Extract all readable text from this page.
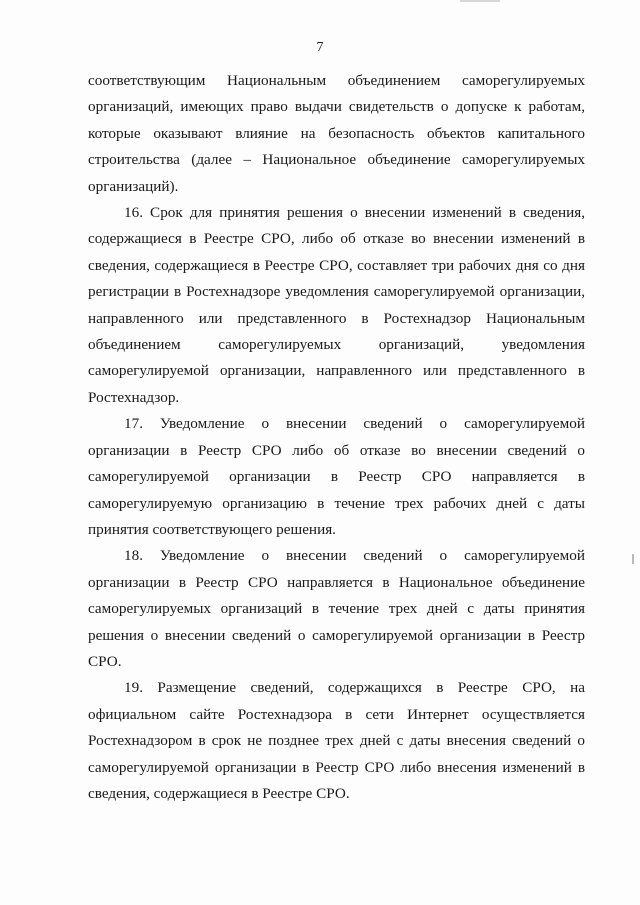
7

соответствующим Национальным объединением саморегулируемых организаций, имеющих право выдачи свидетельств о допуске к работам, которые оказывают влияние на безопасность объектов капитального строительства (далее – Национальное объединение саморегулируемых организаций).

16. Срок для принятия решения о внесении изменений в сведения, содержащиеся в Реестре СРО, либо об отказе во внесении изменений в сведения, содержащиеся в Реестре СРО, составляет три рабочих дня со дня регистрации в Ростехнадзоре уведомления саморегулируемой организации, направленного или представленного в Ростехнадзор Национальным объединением саморегулируемых организаций, уведомления саморегулируемой организации, направленного или представленного в Ростехнадзор.

17. Уведомление о внесении сведений о саморегулируемой организации в Реестр СРО либо об отказе во внесении сведений о саморегулируемой организации в Реестр СРО направляется в саморегулируемую организацию в течение трех рабочих дней с даты принятия соответствующего решения.

18. Уведомление о внесении сведений о саморегулируемой организации в Реестр СРО направляется в Национальное объединение саморегулируемых организаций в течение трех дней с даты принятия решения о внесении сведений о саморегулируемой организации в Реестр СРО.

19. Размещение сведений, содержащихся в Реестре СРО, на официальном сайте Ростехнадзора в сети Интернет осуществляется Ростехнадзором в срок не позднее трех дней с даты внесения сведений о саморегулируемой организации в Реестр СРО либо внесения изменений в сведения, содержащиеся в Реестре СРО.
